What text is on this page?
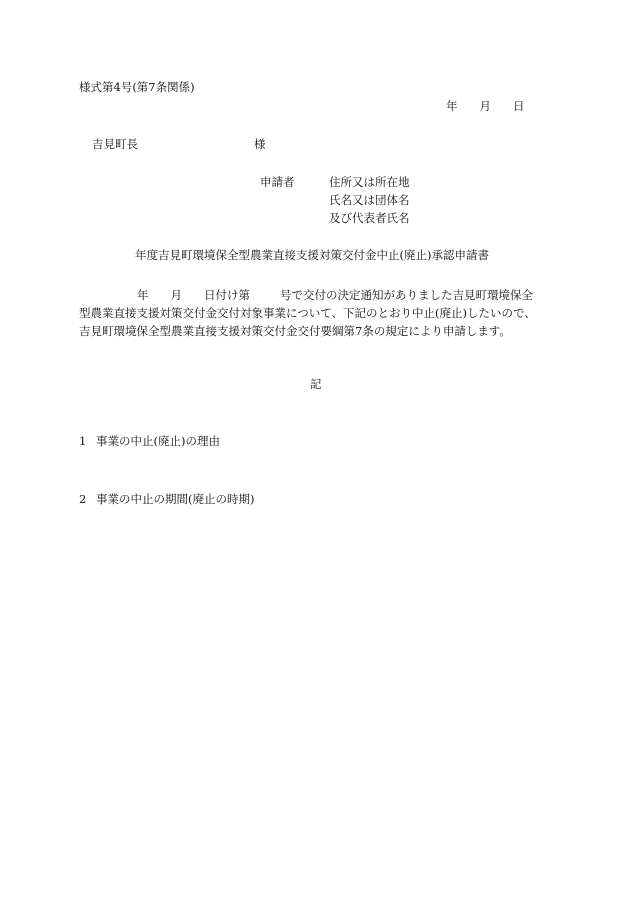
様式第4号(第7条関係)
年 月 日
吉見町長	様
申請者	住所又は所在地
氏名又は団体名
及び代表者氏名
年度吉見町環境保全型農業直接支援対策交付金中止(廃止)承認申請書
年 月 日付け第	号で交付の決定通知がありました吉見町環境保全
型農業直接支援対策交付金交付対象事業について、下記のとおり中止(廃止)したいので、
吉見町環境保全型農業直接支援対策交付金交付要綱第7条の規定により申請します。
記
1 事業の中止(廃止)の理由
2 事業の中止の期間(廃止の時期)
